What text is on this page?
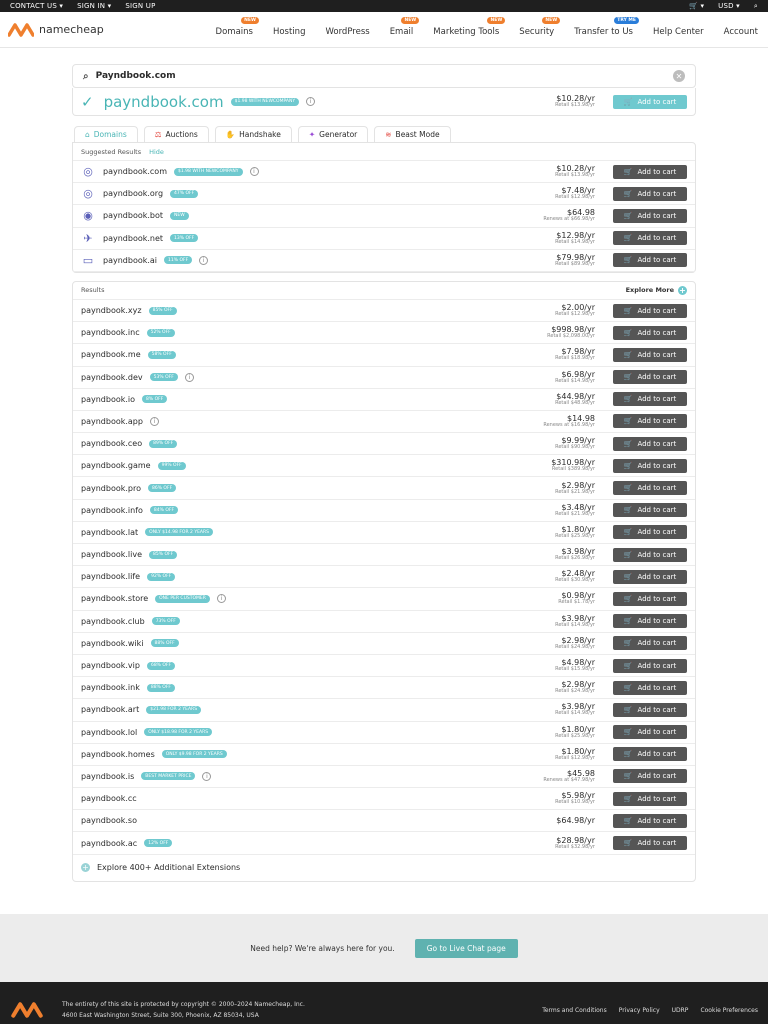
CONTACT US ▾ SIGN IN ▾ SIGN UP	🛒 ▾ USD ▾ ⌕
namecheap	Domains
NEW
Hosting WordPress Email
NEW
Marketing Tools
NEW
Security
NEW
Transfer to Us
TRY ME
Help Center Account
⌕ Payndbook.com	✕
✓ payndbook.com	$1.98 WITH NEWCOMPANY	i	$10.28/yr
Retail $13.98/yr	🛒 Add to cart
⌂ Domains	⚖ Auctions	✋ Handshake	✦ Generator	≋ Beast Mode
Suggested Results Hide
◎ payndbook.com	$1.98 WITH NEWCOMPANY	i	$10.28/yr
Retail $13.98/yr	🛒 Add to cart
◎ payndbook.org	47% OFF	$7.48/yr
Retail $12.98/yr	🛒 Add to cart
◉ payndbook.bot	NEW	$64.98
Renews at $66.98/yr	🛒 Add to cart
✈ payndbook.net	13% OFF	$12.98/yr
Retail $14.98/yr	🛒 Add to cart
▭ payndbook.ai	11% OFF	i	$79.98/yr
Retail $89.98/yr	🛒 Add to cart
Results	Explore More +
payndbook.xyz	85% OFF	$2.00/yr
Retail $12.98/yr	🛒 Add to cart
payndbook.inc	52% OFF	$998.98/yr
Retail $2,098.00/yr	🛒 Add to cart
payndbook.me	58% OFF	$7.98/yr
Retail $18.98/yr	🛒 Add to cart
payndbook.dev	53% OFF	i	$6.98/yr
Retail $14.98/yr	🛒 Add to cart
payndbook.io	8% OFF	$44.98/yr
Retail $48.98/yr	🛒 Add to cart
payndbook.app	i	$14.98
Renews at $16.98/yr	🛒 Add to cart
payndbook.ceo	89% OFF	$9.99/yr
Retail $90.98/yr	🛒 Add to cart
payndbook.game	99% OFF	$310.98/yr
Retail $389.98/yr	🛒 Add to cart
payndbook.pro	86% OFF	$2.98/yr
Retail $21.98/yr	🛒 Add to cart
payndbook.info	84% OFF	$3.48/yr
Retail $21.98/yr	🛒 Add to cart
payndbook.lat	ONLY $14.98 FOR 2 YEARS	$1.80/yr
Retail $25.98/yr	🛒 Add to cart
payndbook.live	85% OFF	$3.98/yr
Retail $26.98/yr	🛒 Add to cart
payndbook.life	92% OFF	$2.48/yr
Retail $30.98/yr	🛒 Add to cart
payndbook.store	ONE PER CUSTOMER	i	$0.98/yr
Retail $1.78/yr	🛒 Add to cart
payndbook.club	73% OFF	$3.98/yr
Retail $14.98/yr	🛒 Add to cart
payndbook.wiki	88% OFF	$2.98/yr
Retail $24.98/yr	🛒 Add to cart
payndbook.vip	68% OFF	$4.98/yr
Retail $15.98/yr	🛒 Add to cart
payndbook.ink	88% OFF	$2.98/yr
Retail $24.98/yr	🛒 Add to cart
payndbook.art	$21.98 FOR 2 YEARS	$3.98/yr
Retail $14.98/yr	🛒 Add to cart
payndbook.lol	ONLY $18.98 FOR 2 YEARS	$1.80/yr
Retail $25.98/yr	🛒 Add to cart
payndbook.homes	ONLY $9.98 FOR 2 YEARS	$1.80/yr
Retail $12.98/yr	🛒 Add to cart
payndbook.is	BEST MARKET PRICE	i	$45.98
Renews at $47.98/yr	🛒 Add to cart
payndbook.cc	$5.98/yr
Retail $10.98/yr	🛒 Add to cart
payndbook.so	$64.98/yr	🛒 Add to cart
payndbook.ac	12% OFF	$28.98/yr
Retail $32.98/yr	🛒 Add to cart
+ Explore 400+ Additional Extensions
Need help? We're always here for you.	Go to Live Chat page
The entirety of this site is protected by copyright © 2000–2024 Namecheap, Inc.
4600 East Washington Street, Suite 300, Phoenix, AZ 85034, USA
Terms and Conditions Privacy Policy UDRP Cookie Preferences
